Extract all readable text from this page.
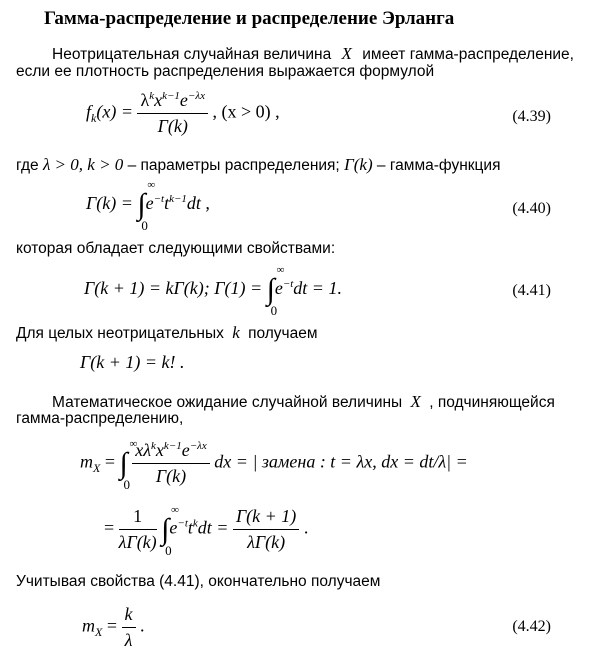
Гамма-распределение и распределение Эрланга
Неотрицательная случайная величина X имеет гамма-распределение,
если ее плотность распределения выражается формулой
$f_k(x) = \frac{\lambda^kx^{k-1}e^{-\lambda x}}{\Gamma(k)}$ , (x > 0) ,	(4.39)
где λ > 0, k > 0 – параметры распределения; Γ(k) – гамма-функция
Γ(k) = ∫
∞
0
$e^{-t}t^{k-1}dt$ ,	(4.40)
которая обладает следующими свойствами:
Γ(k + 1) = kΓ(k); Γ(1) = ∫
∞
0
$e^{-t}dt = 1$.	(4.41)
Для целых неотрицательных k получаем
Γ(k + 1) = k! .
Математическое ожидание случайной величины X , подчиняющейся
гамма-распределению,
$m_X$ = ∫
∞
0
$\frac{x\lambda^kx^{k-1}e^{-\lambda x}}{\Gamma(k)}$ dx = | замена : t = λx, dx = dt/λ| =
= $\frac{1}{\lambda\Gamma(k)}$ ∫
∞
0
$e^{-t}t^kdt = \frac{\Gamma(k + 1)}{\lambda\Gamma(k)}$ .
Учитывая свойства (4.41), окончательно получаем
$m_X = \frac{k}{\lambda}$ .	(4.42)
